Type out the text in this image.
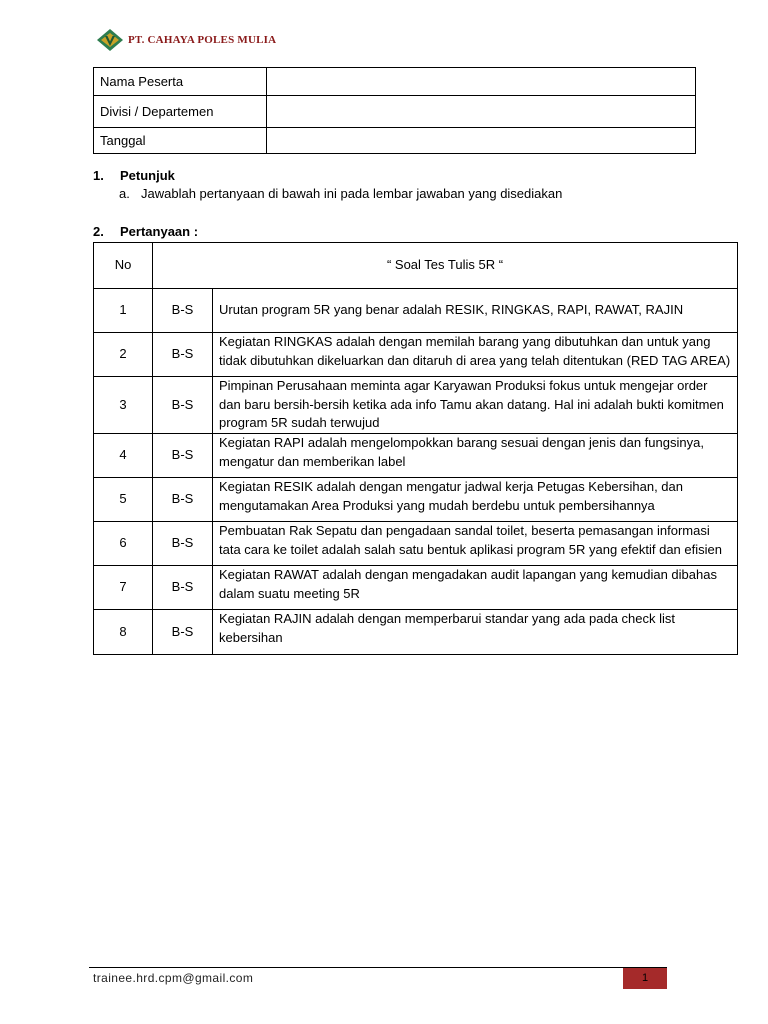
PT. CAHAYA POLES MULIA
Nama Peserta	
Divisi / Departemen	
Tanggal	
1. Petunjuk
a. Jawablah pertanyaan di bawah ini pada lembar jawaban yang disediakan
2. Pertanyaan :
No	“ Soal Tes Tulis 5R “	
1	B-S	Urutan program 5R yang benar adalah RESIK, RINGKAS, RAPI, RAWAT, RAJIN
2	B-S	Kegiatan RINGKAS adalah dengan memilah barang yang dibutuhkan dan untuk yang tidak dibutuhkan dikeluarkan dan ditaruh di area yang telah ditentukan (RED TAG AREA)
3	B-S	Pimpinan Perusahaan meminta agar Karyawan Produksi fokus untuk mengejar order dan baru bersih-bersih ketika ada info Tamu akan datang. Hal ini adalah bukti komitmen program 5R sudah terwujud
4	B-S	Kegiatan RAPI adalah mengelompokkan barang sesuai dengan jenis dan fungsinya, mengatur dan memberikan label
5	B-S	Kegiatan RESIK adalah dengan mengatur jadwal kerja Petugas Kebersihan, dan mengutamakan Area Produksi yang mudah berdebu untuk pembersihannya
6	B-S	Pembuatan Rak Sepatu dan pengadaan sandal toilet, beserta pemasangan informasi tata cara ke toilet adalah salah satu bentuk aplikasi program 5R yang efektif dan efisien
7	B-S	Kegiatan RAWAT adalah dengan mengadakan audit lapangan yang kemudian dibahas dalam suatu meeting 5R
8	B-S	Kegiatan RAJIN adalah dengan memperbarui standar yang ada pada check list kebersihan
trainee.hrd.cpm@gmail.com	1
